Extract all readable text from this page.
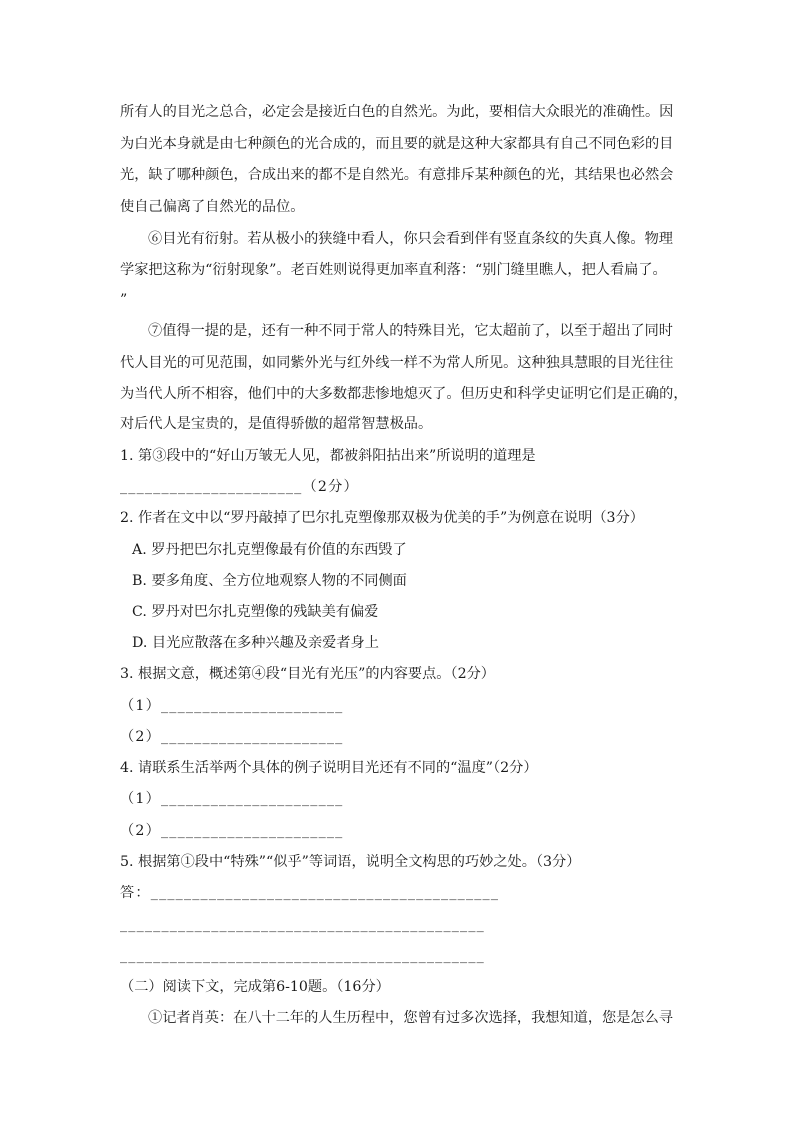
所有人的目光之总合，必定会是接近白色的自然光。为此，要相信大众眼光的准确性。因
为白光本身就是由七种颜色的光合成的，而且要的就是这种大家都具有自己不同色彩的目
光，缺了哪种颜色，合成出来的都不是自然光。有意排斥某种颜色的光，其结果也必然会
使自己偏离了自然光的品位。
⑥目光有衍射。若从极小的狭缝中看人，你只会看到伴有竖直条纹的失真人像。物理
学家把这称为“衍射现象”。老百姓则说得更加率直利落：“别门缝里瞧人，把人看扁了。
”
⑦值得一提的是，还有一种不同于常人的特殊目光，它太超前了，以至于超出了同时
代人目光的可见范围，如同紫外光与红外线一样不为常人所见。这种独具慧眼的目光往往
为当代人所不相容，他们中的大多数都悲惨地熄灭了。但历史和科学史证明它们是正确的，
对后代人是宝贵的，是值得骄傲的超常智慧极品。
1. 第③段中的“好山万皱无人见，都被斜阳拈出来”所说明的道理是
______________________（2分）
2. 作者在文中以“罗丹敲掉了巴尔扎克塑像那双极为优美的手”为例意在说明（3分）
A. 罗丹把巴尔扎克塑像最有价值的东西毁了
B. 要多角度、全方位地观察人物的不同侧面
C. 罗丹对巴尔扎克塑像的残缺美有偏爱
D. 目光应散落在多种兴趣及亲爱者身上
3. 根据文意，概述第④段“目光有光压”的内容要点。（2分）
（1）______________________
（2）______________________
4. 请联系生活举两个具体的例子说明目光还有不同的“温度”（2分）
（1）______________________
（2）______________________
5. 根据第①段中“特殊”“似乎”等词语，说明全文构思的巧妙之处。（3分）
答：__________________________________________
____________________________________________
____________________________________________
（二）阅读下文，完成第6-10题。（16分）
①记者肖英：在八十二年的人生历程中，您曾有过多次选择，我想知道，您是怎么寻
